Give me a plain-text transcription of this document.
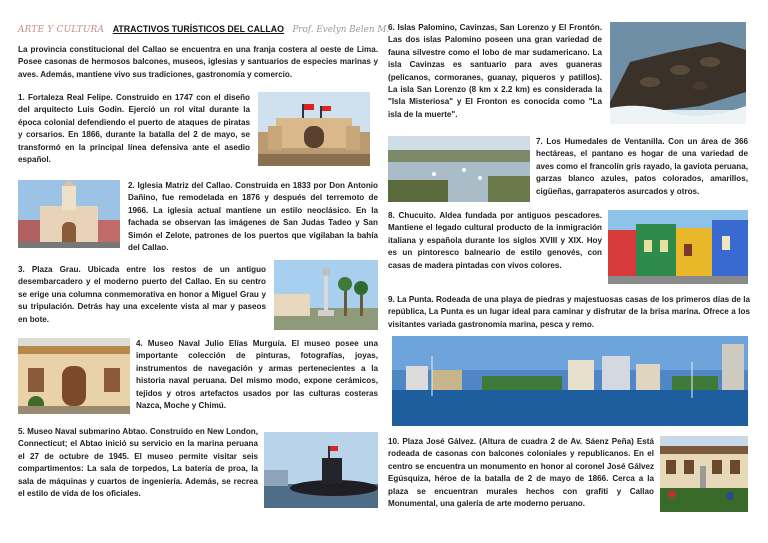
ARTE Y CULTURA ATRACTIVOS TURÍSTICOS DEL CALLAO Prof. Evelyn Belen M.
La provincia constitucional del Callao se encuentra en una franja costera al oeste de Lima. Posee casonas de hermosos balcones, museos, iglesias y santuarios de especies marinas y aves. Además, mantiene vivo sus tradiciones, gastronomía y comercio.
1. Fortaleza Real Felipe. Construido en 1747 con el diseño del arquitecto Luis Godin. Ejerció un rol vital durante la época colonial defendiendo el puerto de ataques de piratas y corsarios. En 1866, durante la batalla del 2 de mayo, se transformó en la principal línea defensiva ante el asedio español.
2. Iglesia Matriz del Callao. Construida en 1833 por Don Antonio Dañino, fue remodelada en 1876 y después del terremoto de 1966. La iglesia actual mantiene un estilo neoclásico. En la fachada se observan las imágenes de San Judas Tadeo y San Simón el Zelote, patrones de los puertos que vigilaban la bahía del Callao.
3. Plaza Grau. Ubicada entre los restos de un antiguo desembarcadero y el moderno puerto del Callao. En su centro se erige una columna conmemorativa en honor a Miguel Grau y su tripulación. Detrás hay una excelente vista al mar y paseos en bote.
4. Museo Naval Julio Elías Murguía. El museo posee una importante colección de pinturas, fotografías, joyas, instrumentos de navegación y armas pertenecientes a la historia naval peruana. Del mismo modo, expone cerámicos, tejidos y otros artefactos usados por las culturas costeras Nazca, Moche y Chimú.
5. Museo Naval submarino Abtao. Construido en New London, Connecticut; el Abtao inició su servicio en la marina peruana el 27 de octubre de 1945. El museo permite visitar seis compartimentos: La sala de torpedos, La batería de proa, la sala de máquinas y cuartos de ingeniería. Además, se recrea el estilo de vida de los oficiales.
6. Islas Palomino, Cavinzas, San Lorenzo y El Frontón. Las dos islas Palomino poseen una gran variedad de fauna silvestre como el lobo de mar sudamericano. La isla Cavinzas es santuario para aves guaneras (pelícanos, cormoranes, guanay, piqueros y patillos). La isla San Lorenzo (8 km x 2.2 km) es considerada la "Isla Misteriosa" y El Fronton es conocida como "La isla de la muerte".
7. Los Humedales de Ventanilla. Con un área de 366 hectáreas, el pantano es hogar de una variedad de aves como el francolín gris rayado, la gaviota peruana, garzas blanco azules, patos colorados, amarillos, cigüeñas, garrapateros asurcados y otros.
8. Chucuito. Aldea fundada por antiguos pescadores. Mantiene el legado cultural producto de la inmigración italiana y española durante los siglos XVIII y XIX. Hoy es un pintoresco balneario de estilo genovés, con casas de madera pintadas con vivos colores.
9. La Punta. Rodeada de una playa de piedras y majestuosas casas de los primeros días de la república, La Punta es un lugar ideal para caminar y disfrutar de la brisa marina. Ofrece a los visitantes variada gastronomía marina, pesca y remo.
10. Plaza José Gálvez. (Altura de cuadra 2 de Av. Sáenz Peña) Está rodeada de casonas con balcones coloniales y republicanos. En el centro se encuentra un monumento en honor al coronel José Gálvez Egúsquiza, héroe de la batalla de 2 de mayo de 1866. Cerca a la plaza se encuentran murales hechos con grafiti y Callao Monumental, una galería de arte moderno peruano.
